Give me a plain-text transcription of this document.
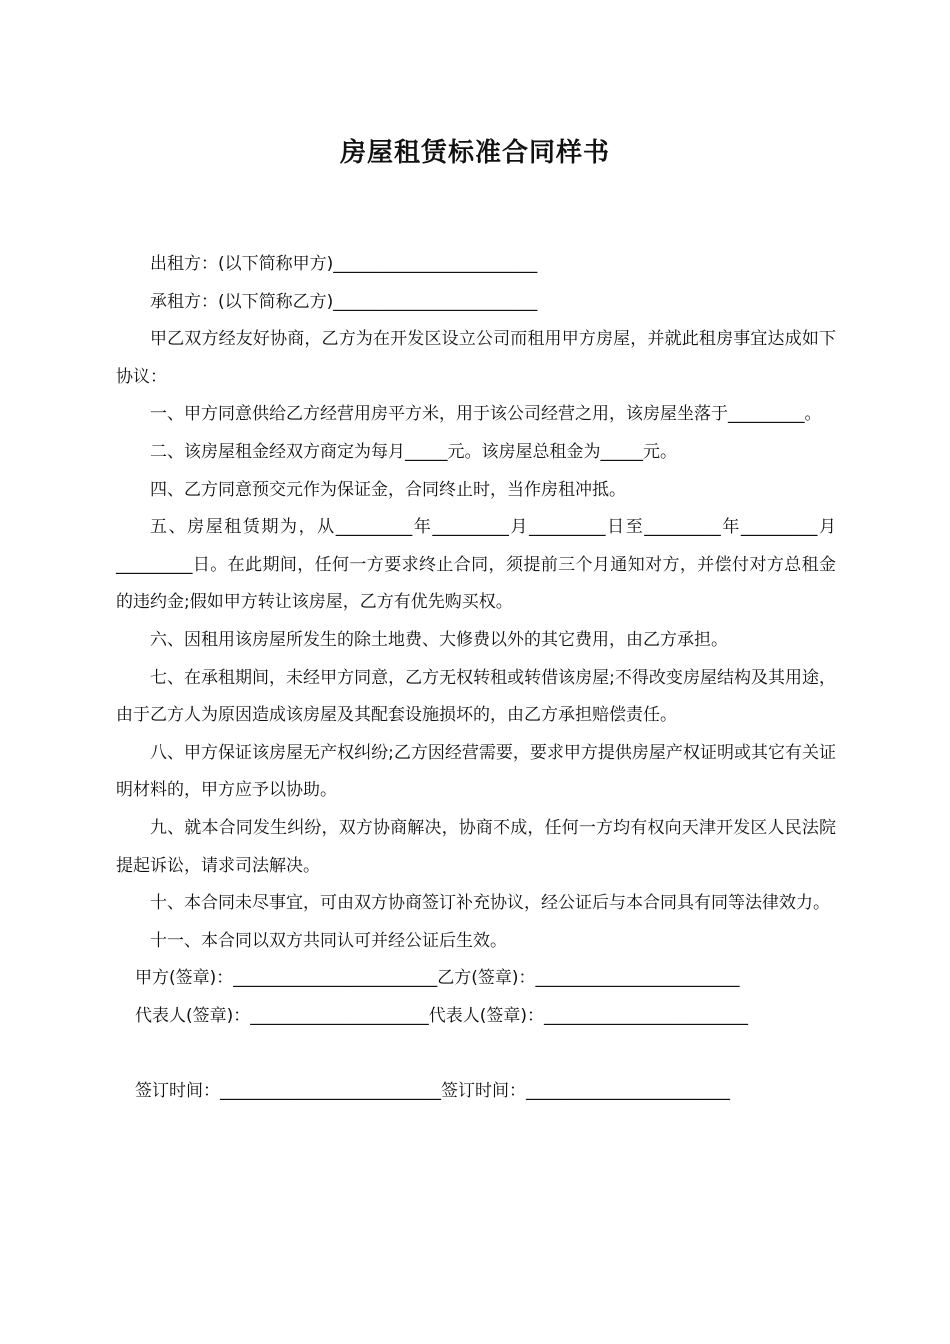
房屋租赁标准合同样书

出租方：(以下简称甲方)________________________

承租方：(以下简称乙方)________________________

甲乙双方经友好协商，乙方为在开发区设立公司而租用甲方房屋，并就此租房事宜达成如下协议：

一、甲方同意供给乙方经营用房平方米，用于该公司经营之用，该房屋坐落于_________。

二、该房屋租金经双方商定为每月_____元。该房屋总租金为_____元。

四、乙方同意预交元作为保证金，合同终止时，当作房租冲抵。

五、房屋租赁期为，从_________年_________月_________日至_________年_________月_________日。在此期间，任何一方要求终止合同，须提前三个月通知对方，并偿付对方总租金的违约金;假如甲方转让该房屋，乙方有优先购买权。

六、因租用该房屋所发生的除土地费、大修费以外的其它费用，由乙方承担。

七、在承租期间，未经甲方同意，乙方无权转租或转借该房屋;不得改变房屋结构及其用途，由于乙方人为原因造成该房屋及其配套设施损坏的，由乙方承担赔偿责任。

八、甲方保证该房屋无产权纠纷;乙方因经营需要，要求甲方提供房屋产权证明或其它有关证明材料的，甲方应予以协助。

九、就本合同发生纠纷，双方协商解决，协商不成，任何一方均有权向天津开发区人民法院提起诉讼，请求司法解决。

十、本合同未尽事宜，可由双方协商签订补充协议，经公证后与本合同具有同等法律效力。

十一、本合同以双方共同认可并经公证后生效。

甲方(签章)：________________________乙方(签章)：________________________

代表人(签章)：_____________________代表人(签章)：________________________

签订时间：__________________________签订时间：________________________
